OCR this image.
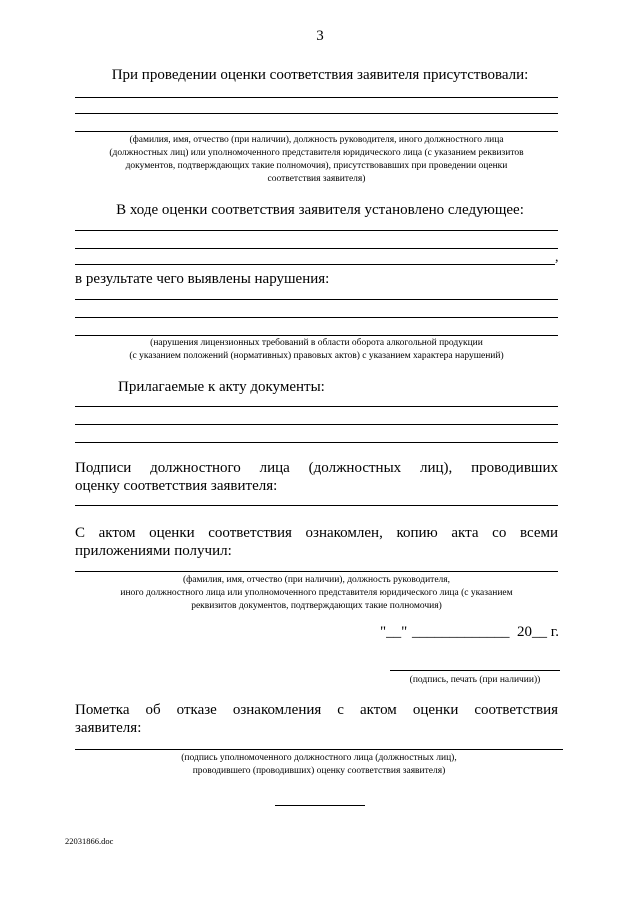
3
При проведении оценки соответствия заявителя присутствовали:
(фамилия, имя, отчество (при наличии), должность руководителя, иного должностного лица
(должностных лиц) или уполномоченного представителя юридического лица (с указанием реквизитов
документов, подтверждающих такие полномочия), присутствовавших при проведении оценки
соответствия заявителя)
В ходе оценки соответствия заявителя установлено следующее:
,
в результате чего выявлены нарушения:
(нарушения лицензионных требований в области оборота алкогольной продукции
(с указанием положений (нормативных) правовых актов) с указанием характера нарушений)
Прилагаемые к акту документы:
Подписи должностного лица (должностных лиц), проводивших
оценку соответствия заявителя:
С актом оценки соответствия ознакомлен, копию акта со всеми
приложениями получил:
(фамилия, имя, отчество (при наличии), должность руководителя,
иного должностного лица или уполномоченного представителя юридического лица (с указанием
реквизитов документов, подтверждающих такие полномочия)
"__" _____________ 20__ г.
(подпись, печать (при наличии))
Пометка об отказе ознакомления с актом оценки соответствия
заявителя:
(подпись уполномоченного должностного лица (должностных лиц),
проводившего (проводивших) оценку соответствия заявителя)
22031866.doc
